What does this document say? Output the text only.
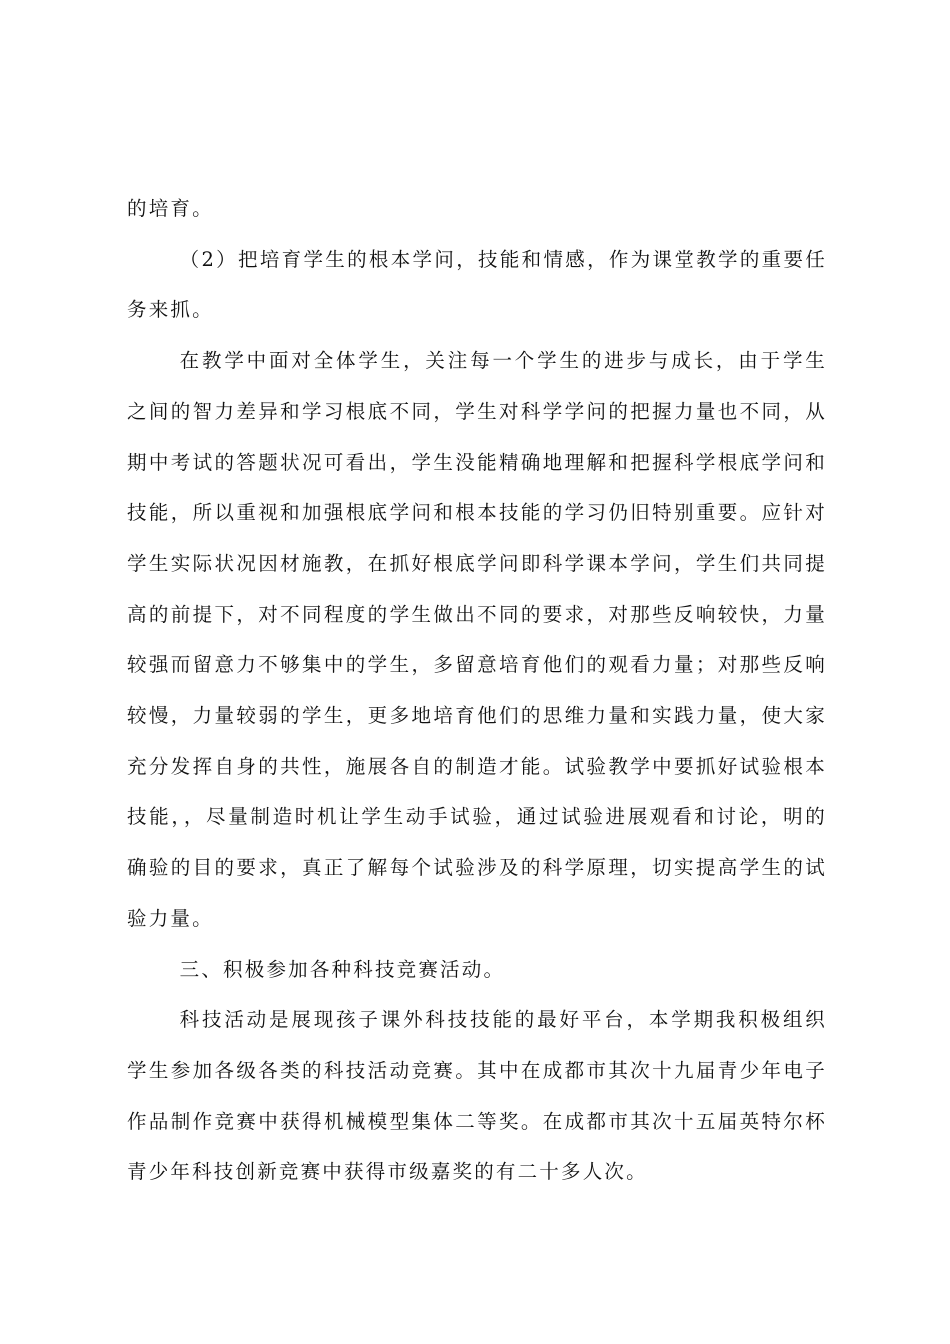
的培育。

（2）把培育学生的根本学问，技能和情感，作为课堂教学的重要任务来抓。

在教学中面对全体学生，关注每一个学生的进步与成长，由于学生之间的智力差异和学习根底不同，学生对科学学问的把握力量也不同，从期中考试的答题状况可看出，学生没能精确地理解和把握科学根底学问和技能，所以重视和加强根底学问和根本技能的学习仍旧特别重要。应针对学生实际状况因材施教，在抓好根底学问即科学课本学问，学生们共同提高的前提下，对不同程度的学生做出不同的要求，对那些反响较快，力量较强而留意力不够集中的学生，多留意培育他们的观看力量；对那些反响较慢，力量较弱的学生，更多地培育他们的思维力量和实践力量，使大家充分发挥自身的共性，施展各自的制造才能。试验教学中要抓好试验根本技能，，尽量制造时机让学生动手试验，通过试验进展观看和讨论，明的确验的目的要求，真正了解每个试验涉及的科学原理，切实提高学生的试验力量。

三、积极参加各种科技竞赛活动。

科技活动是展现孩子课外科技技能的最好平台，本学期我积极组织学生参加各级各类的科技活动竞赛。其中在成都市其次十九届青少年电子作品制作竞赛中获得机械模型集体二等奖。在成都市其次十五届英特尔杯青少年科技创新竞赛中获得市级嘉奖的有二十多人次。
